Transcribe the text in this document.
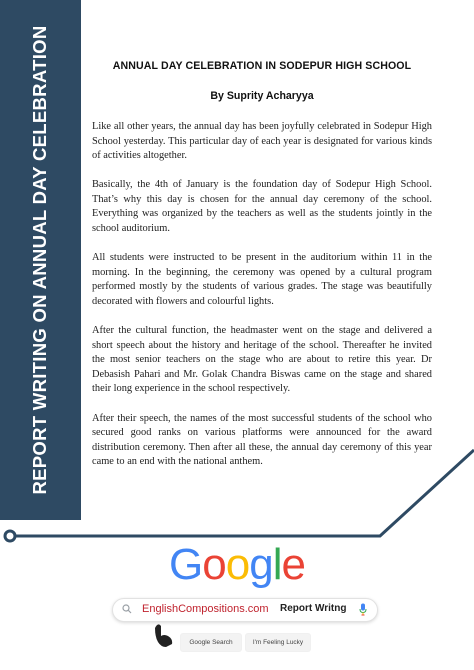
REPORT WRITING ON ANNUAL DAY CELEBRATION	ANNUAL DAY CELEBRATION IN SODEPUR HIGH SCHOOL
By Suprity Acharyya

Like all other years, the annual day has been joyfully celebrated in Sodepur High School yesterday. This particular day of each year is designated for various kinds of activities altogether.

Basically, the 4th of January is the foundation day of Sodepur High School. That’s why this day is chosen for the annual day ceremony of the school. Everything was organized by the teachers as well as the students jointly in the school auditorium.

All students were instructed to be present in the auditorium within 11 in the morning. In the beginning, the ceremony was opened by a cultural program performed mostly by the students of various grades. The stage was beautifully decorated with flowers and colourful lights.

After the cultural function, the headmaster went on the stage and delivered a short speech about the history and heritage of the school. Thereafter he invited the most senior teachers on the stage who are about to retire this year. Dr Debasish Pahari and Mr. Golak Chandra Biswas came on the stage and shared their long experience in the school respectively.

After their speech, the names of the most successful students of the school who secured good ranks on various platforms were announced for the award distribution ceremony. Then after all these, the annual day ceremony of this year came to an end with the national anthem.

Google
EnglishCompositions.com Report Writng
Google Search	I'm Feeling Lucky
